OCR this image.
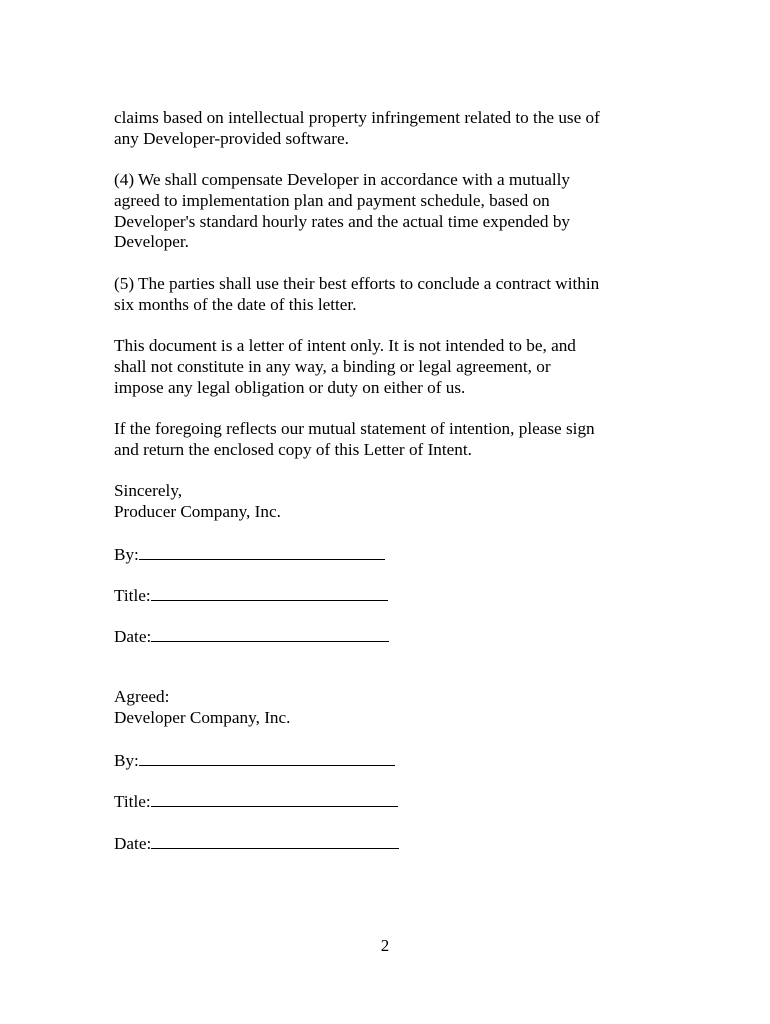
claims based on intellectual property infringement related to the use of
any Developer-provided software.

(4) We shall compensate Developer in accordance with a mutually
agreed to implementation plan and payment schedule, based on
Developer's standard hourly rates and the actual time expended by
Developer.

(5) The parties shall use their best efforts to conclude a contract within
six months of the date of this letter.

This document is a letter of intent only. It is not intended to be, and
shall not constitute in any way, a binding or legal agreement, or
impose any legal obligation or duty on either of us.

If the foregoing reflects our mutual statement of intention, please sign
and return the enclosed copy of this Letter of Intent.

Sincerely,
Producer Company, Inc.

By:
Title:
Date:

Agreed:
Developer Company, Inc.

By:
Title:
Date:
2
